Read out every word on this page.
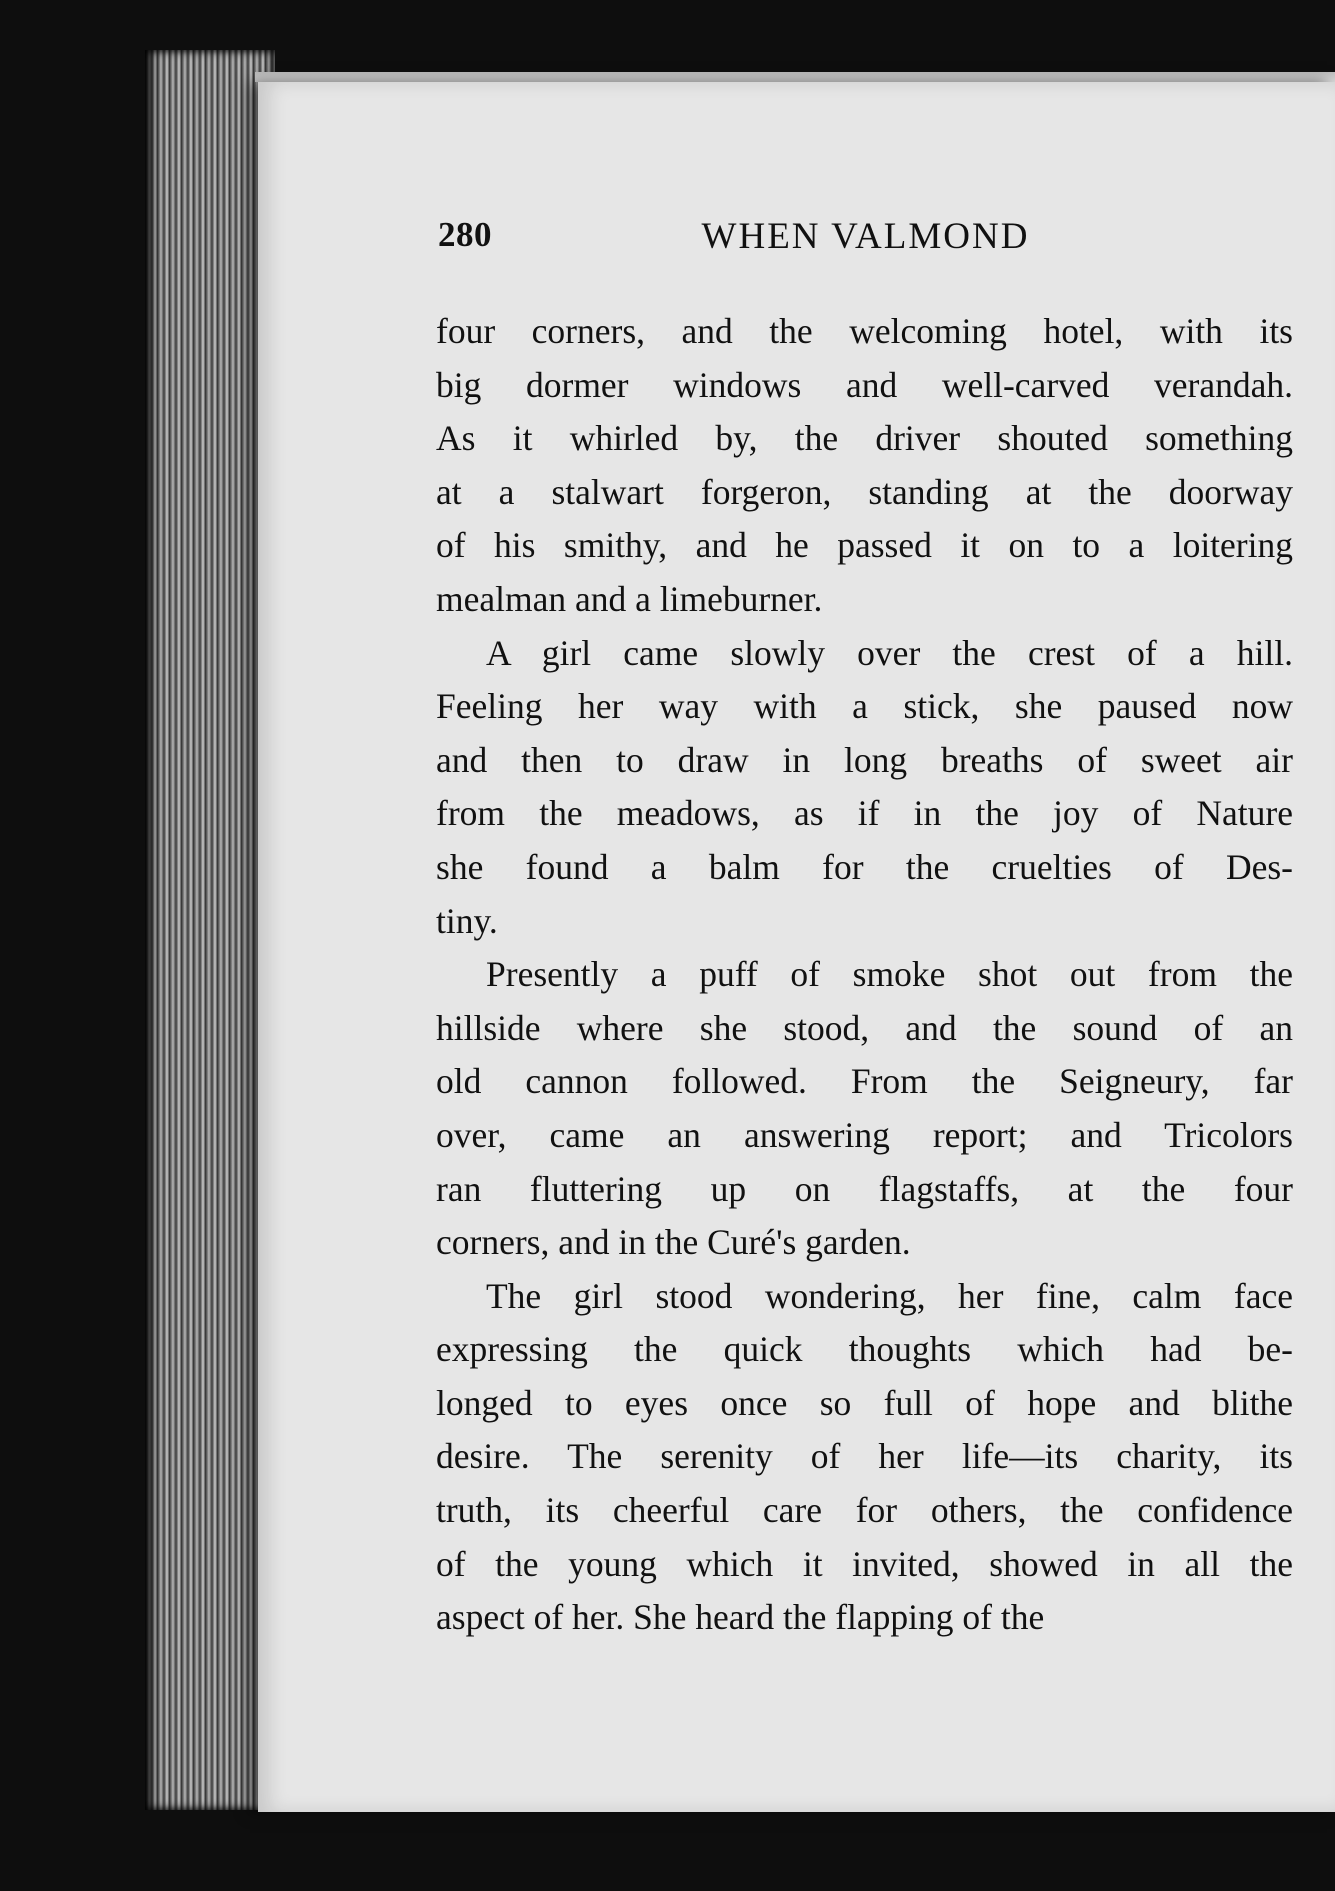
280	WHEN VALMOND
four corners, and the welcoming hotel, with its
big dormer windows and well-carved verandah.
As it whirled by, the driver shouted something
at a stalwart forgeron, standing at the doorway
of his smithy, and he passed it on to a loitering
mealman and a limeburner.
A girl came slowly over the crest of a hill.
Feeling her way with a stick, she paused now
and then to draw in long breaths of sweet air
from the meadows, as if in the joy of Nature
she found a balm for the cruelties of Des-
tiny.
Presently a puff of smoke shot out from the
hillside where she stood, and the sound of an
old cannon followed. From the Seigneury, far
over, came an answering report; and Tricolors
ran fluttering up on flagstaffs, at the four
corners, and in the Curé's garden.
The girl stood wondering, her fine, calm face
expressing the quick thoughts which had be-
longed to eyes once so full of hope and blithe
desire. The serenity of her life—its charity, its
truth, its cheerful care for others, the confidence
of the young which it invited, showed in all the
aspect of her. She heard the flapping of the
